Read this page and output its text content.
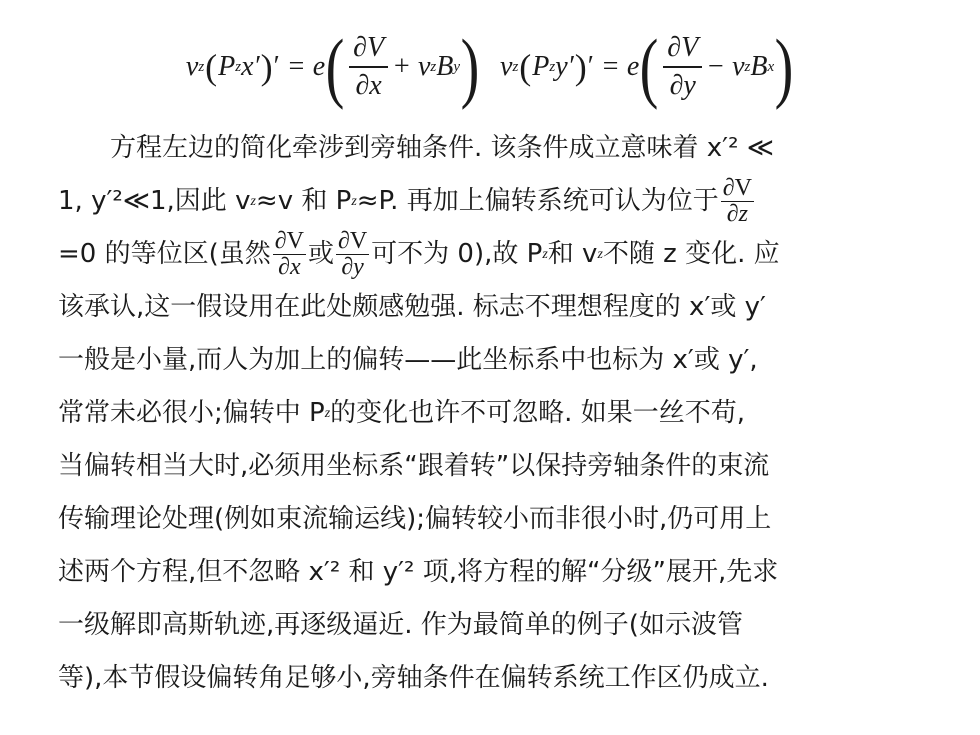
v z ( P z x′ ) ′
= e ( $\frac{\partial V}{\partial x} + v$ z B y ) v z ( P z y′ ) ′
= e ( $\frac{\partial V}{\partial y} - v$ z B x )
方程左边的简化牵涉到旁轴条件. 该条件成立意味着 x′² ≪
1, y′²≪1,因此 v z ≈v 和 P z ≈P. 再加上偏转系统可认为位于 $\frac{\partial V}{\partial z}$
=0 的等位区(虽然 $\frac{\partial V}{\partial x}$ 或 $\frac{\partial V}{\partial y}$ 可不为 0),故 P z 和 v z 不随 z 变化. 应
该承认,这一假设用在此处颇感勉强. 标志不理想程度的 x′或 y′
一般是小量,而人为加上的偏转——此坐标系中也标为 x′或 y′,
常常未必很小;偏转中 P z 的变化也许不可忽略. 如果一丝不苟,
当偏转相当大时,必须用坐标系“跟着转”以保持旁轴条件的束流
传输理论处理(例如束流输运线);偏转较小而非很小时,仍可用上
述两个方程,但不忽略 x′² 和 y′² 项,将方程的解“分级”展开,先求
一级解即高斯轨迹,再逐级逼近. 作为最简单的例子(如示波管
等),本节假设偏转角足够小,旁轴条件在偏转系统工作区仍成立.
